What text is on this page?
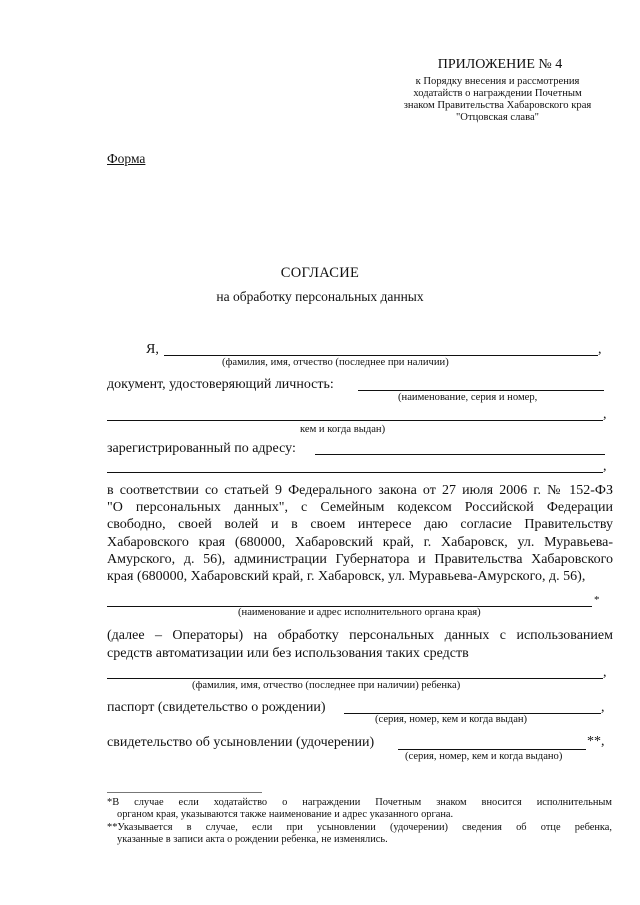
ПРИЛОЖЕНИЕ № 4
к Порядку внесения и рассмотрения
ходатайств о награждении Почетным
знаком Правительства Хабаровского края
"Отцовская слава"
Форма
СОГЛАСИЕ
на обработку персональных данных
Я,	,
(фамилия, имя, отчество (последнее при наличии)
документ, удостоверяющий личность:
(наименование, серия и номер,
,
кем и когда выдан)
зарегистрированный по адресу:
,

в соответствии со статьей 9 Федерального закона от 27 июля 2006 г. № 152-ФЗ

"О персональных данных", с Семейным кодексом Российской Федерации

свободно, своей волей и в своем интересе даю согласие Правительству

Хабаровского края (680000, Хабаровский край, г. Хабаровск, ул. Муравьева-

Амурского, д. 56), администрации Губернатора и Правительства Хабаровского

края (680000, Хабаровский край, г. Хабаровск, ул. Муравьева-Амурского, д. 56),

*
(наименование и адрес исполнительного органа края)

(далее – Операторы) на обработку персональных данных с использованием

средств автоматизации или без использования таких средств

,
(фамилия, имя, отчество (последнее при наличии) ребенка)
паспорт (свидетельство о рождении)	,
(серия, номер, кем и когда выдан)
свидетельство об усыновлении (удочерении)	**,
(серия, номер, кем и когда выдано)

*В случае если ходатайство о награждении Почетным знаком вносится исполнительным

органом края, указываются также наименование и адрес указанного органа.

**Указывается в случае, если при усыновлении (удочерении) сведения об отце ребенка,

указанные в записи акта о рождении ребенка, не изменялись.
